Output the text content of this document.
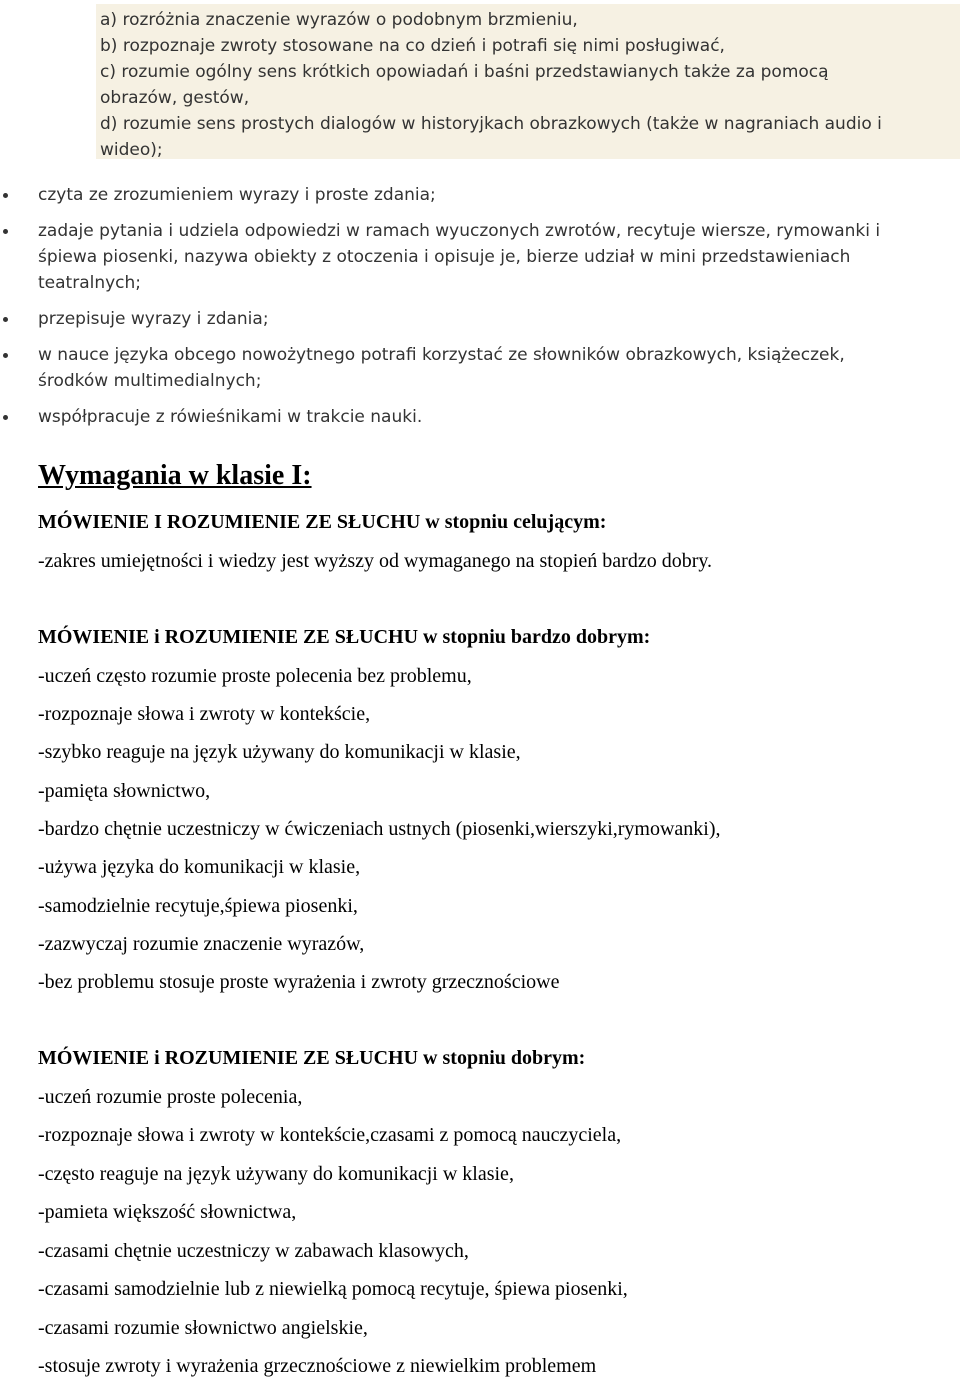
a) rozróżnia znaczenie wyrazów o podobnym brzmieniu,
b) rozpoznaje zwroty stosowane na co dzień i potrafi się nimi posługiwać,
c) rozumie ogólny sens krótkich opowiadań i baśni przedstawianych także za pomocą
obrazów, gestów,
d) rozumie sens prostych dialogów w historyjkach obrazkowych (także w nagraniach audio i
wideo);
czyta ze zrozumieniem wyrazy i proste zdania;
zadaje pytania i udziela odpowiedzi w ramach wyuczonych zwrotów, recytuje wiersze, rymowanki i śpiewa piosenki, nazywa obiekty z otoczenia i opisuje je, bierze udział w mini przedstawieniach teatralnych;
przepisuje wyrazy i zdania;
w nauce języka obcego nowożytnego potrafi korzystać ze słowników obrazkowych, książeczek, środków multimedialnych;
współpracuje z rówieśnikami w trakcie nauki.
Wymagania w klasie I:
MÓWIENIE I ROZUMIENIE ZE SŁUCHU w stopniu celującym:
-zakres umiejętności i wiedzy jest wyższy od wymaganego na stopień bardzo dobry.
MÓWIENIE i ROZUMIENIE ZE SŁUCHU w stopniu bardzo dobrym:
-uczeń często rozumie proste polecenia bez problemu,
-rozpoznaje słowa i zwroty w kontekście,
-szybko reaguje na język używany do komunikacji w klasie,
-pamięta słownictwo,
-bardzo chętnie uczestniczy w ćwiczeniach ustnych (piosenki,wierszyki,rymowanki),
-używa języka do komunikacji w klasie,
-samodzielnie recytuje,śpiewa piosenki,
-zazwyczaj rozumie znaczenie wyrazów,
-bez problemu stosuje proste wyrażenia i zwroty grzecznościowe
MÓWIENIE i ROZUMIENIE ZE SŁUCHU w stopniu dobrym:
-uczeń rozumie proste polecenia,
-rozpoznaje słowa i zwroty w kontekście,czasami z pomocą nauczyciela,
-często reaguje na język używany do komunikacji w klasie,
-pamieta większość słownictwa,
-czasami chętnie uczestniczy w zabawach klasowych,
-czasami samodzielnie lub z niewielką pomocą recytuje, śpiewa piosenki,
-czasami rozumie słownictwo angielskie,
-stosuje zwroty i wyrażenia grzecznościowe z niewielkim problemem
